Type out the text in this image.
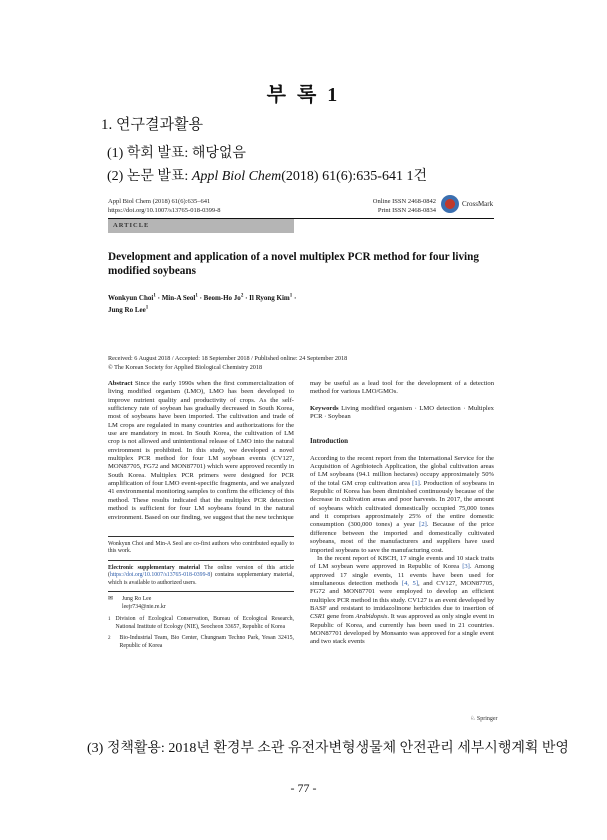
부 록 1
1. 연구결과활용
(1) 학회 발표: 해당없음
(2) 논문 발표: Appl Biol Chem(2018) 61(6):635-641 1건
Appl Biol Chem (2018) 61(6):635–641
https://doi.org/10.1007/s13765-018-0399-8
Online ISSN 2468-0842
Print ISSN 2468-0834
CrossMark
ARTICLE
Development and application of a novel multiplex PCR method for four living modified soybeans
Wonkyun Choi$^1$ · Min-A Seol$^1$ · Beom-Ho $Jo^2 \cdot Il$ Ryong Kim$^1$ ·
Jung Ro Lee$^1$
Received: 6 August 2018 / Accepted: 18 September 2018 / Published online: 24 September 2018
© The Korean Society for Applied Biological Chemistry 2018

Abstract Since the early 1990s when the first commercialization of living modified organism (LMO), LMO has been developed to improve nutrient quality and productivity of crops. As the self-sufficiency rate of soybean has gradually decreased in South Korea, most of soybeans have been imported. The cultivation and trade of LM crops are regulated in many countries and authorizations for the use are mandatory in most. In South Korea, the cultivation of LM crop is not allowed and unintentional release of LMO into the natural environment is prohibited. In this study, we developed a novel multiplex PCR method for four LM soybean events (CV127, MON87705, FG72 and MON87701) which were approved recently in South Korea. Multiplex PCR primers were designed for PCR amplification of four LMO event-specific fragments, and we analyzed 41 environmental monitoring samples to confirm the efficiency of this method. These results indicated that the multiplex PCR detection method is sufficient for four LM soybeans found in the natural environment. Based on our finding, we suggest that the new technique

Wonkyun Choi and Min-A Seol are co-first authors who contributed equally to this work.
Electronic supplementary material The online version of this article (https://doi.org/10.1007/s13765-018-0399-8) contains supplementary material, which is available to authorized users.
✉	Jung Ro Lee
leejr734@nie.re.kr
1 Division of Ecological Conservation, Bureau of Ecological Research, National Institute of Ecology (NIE), Seocheon 33657, Republic of Korea
2	Bio-Industrial Team, Bio Center, Chungnam Techno Park, Yesan 32415, Republic of Korea

may be useful as a lead tool for the development of a detection method for various LMO/GMOs.

Keywords Living modified organism · LMO detection · Multiplex PCR · Soybean

Introduction

According to the recent report from the International Service for the Acquisition of Agribiotech Application, the global cultivation areas of LM soybeans (94.1 million hectares) occupy approximately 50% of the total GM crop cultivation area [1]. Production of soybeans in Republic of Korea has been diminished continuously because of the decrease in cultivation areas and poor harvests. In 2017, the amount of soybeans which cultivated domestically occupied 75,000 tones and it comprises approximately 25% of the entire domestic consumption (300,000 tones) a year [2]. Because of the price difference between the imported and domestically cultivated soybeans, most of the manufacturers and suppliers have used imported soybeans to save the manufacturing cost.

In the recent report of KBCH, 17 single events and 10 stack traits of LM soybean were approved in Republic of Korea [3]. Among approved 17 single events, 11 events have been used for simultaneous detection methods [4, 5], and CV127, MON87705, FG72 and MON87701 were employed to develop an efficient multiplex PCR method in this study. CV127 is an event developed by BASF and resistant to imidazolinone herbicides due to insertion of CSR1 gene from Arabidopsis. It was approved as only single event in Republic of Korea, and currently has been used in 21 countries. MON87701 developed by Monsanto was approved for a single event and two stack events

♘ Springer
(3) 정책활용: 2018년 환경부 소관 유전자변형생물체 안전관리 세부시행계획 반영
- 77 -
